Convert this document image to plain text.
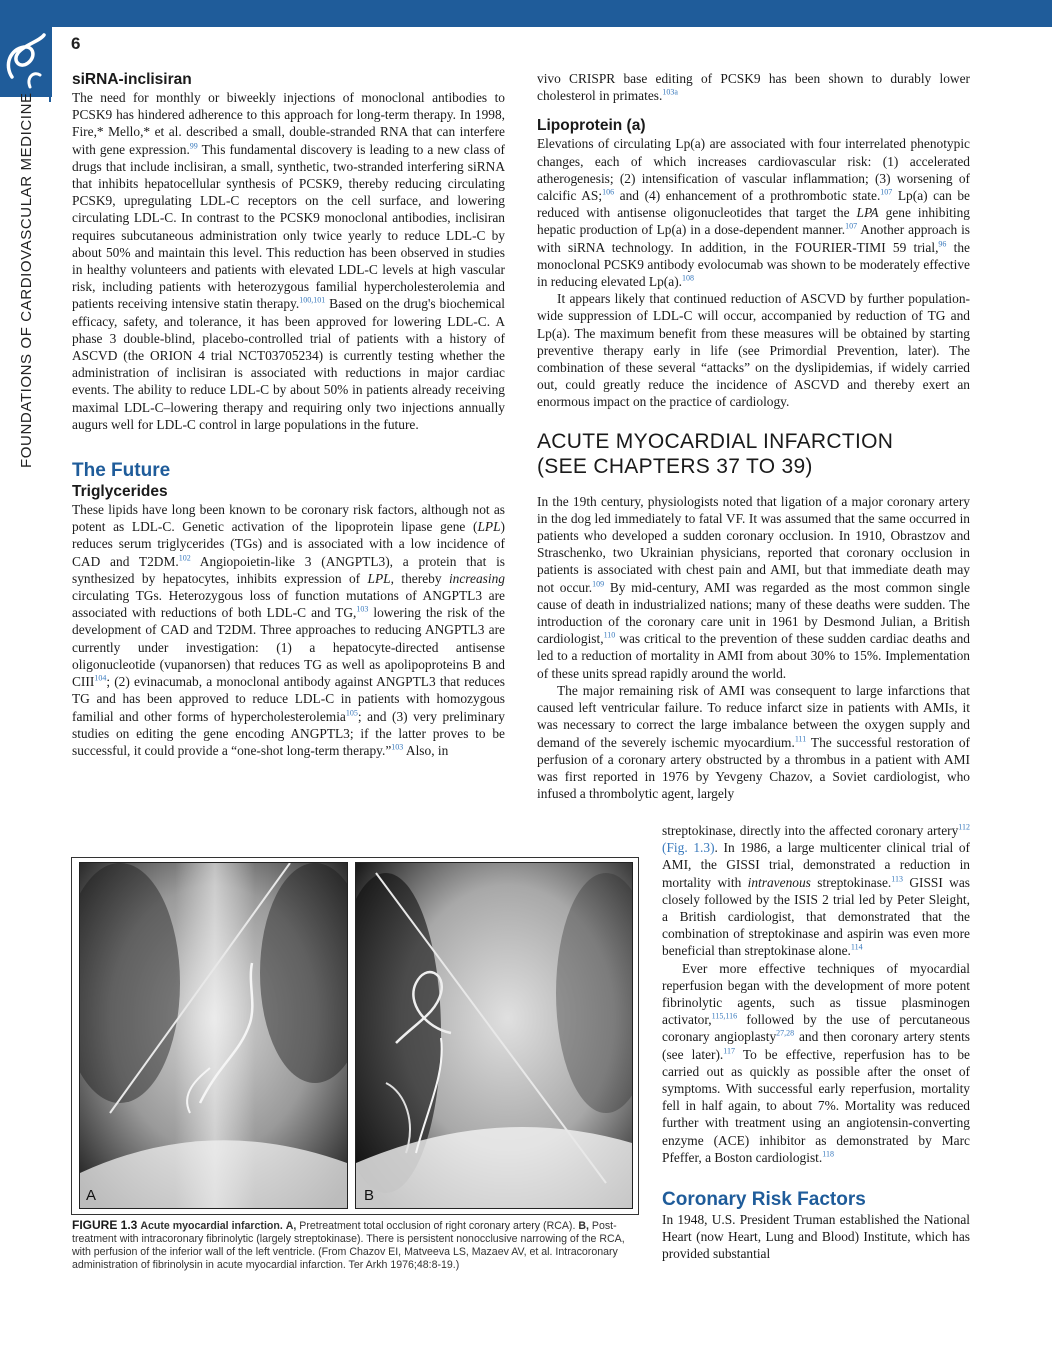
6
FOUNDATIONS OF CARDIOVASCULAR MEDICINE
siRNA-inclisiran

The need for monthly or biweekly injections of monoclonal antibodies to PCSK9 has hindered adherence to this approach for long-term therapy. In 1998, Fire,* Mello,* et al. described a small, double-stranded RNA that can interfere with gene expression.$^{99}$ This fundamental discovery is leading to a new class of drugs that include inclisiran, a small, synthetic, two-stranded interfering siRNA that inhibits hepatocellular synthesis of PCSK9, thereby reducing circulating PCSK9, upregulating LDL-C receptors on the cell surface, and lowering circulating LDL-C. In contrast to the PCSK9 monoclonal antibodies, inclisiran requires subcutaneous administration only twice yearly to reduce LDL-C by about 50% and maintain this level. This reduction has been observed in studies in healthy volunteers and patients with elevated LDL-C levels at high vascular risk, including patients with heterozygous familial hypercholesterolemia and patients receiving intensive statin therapy.$^{100,101}$ Based on the drug's biochemical efficacy, safety, and tolerance, it has been approved for lowering LDL-C. A phase 3 double-blind, placebo-controlled trial of patients with a history of ASCVD (the ORION 4 trial NCT03705234) is currently testing whether the administration of inclisiran is associated with reductions in major cardiac events. The ability to reduce LDL-C by about 50% in patients already receiving maximal LDL-C–lowering therapy and requiring only two injections annually augurs well for LDL-C control in large populations in the future.

The Future
Triglycerides

These lipids have long been known to be coronary risk factors, although not as potent as LDL-C. Genetic activation of the lipoprotein lipase gene (LPL) reduces serum triglycerides (TGs) and is associated with a low incidence of CAD and T2DM.$^{102}$ Angiopoietin-like 3 (ANGPTL3), a protein that is synthesized by hepatocytes, inhibits expression of LPL, thereby increasing circulating TGs. Heterozygous loss of function mutations of ANGPTL3 are associated with reductions of both LDL-C and TG,$^{103}$ lowering the risk of the development of CAD and T2DM. Three approaches to reducing ANGPTL3 are currently under investigation: (1) a hepatocyte-directed antisense oligonucleotide (vupanorsen) that reduces TG as well as apolipoproteins B and CIII$^{104}$; (2) evinacumab, a monoclonal antibody against ANGPTL3 that reduces TG and has been approved to reduce LDL-C in patients with homozygous familial and other forms of hypercholesterolemia$^{105}$; and (3) very preliminary studies on editing the gene encoding ANGPTL3; if the latter proves to be successful, it could provide a “one-shot long-term therapy.”$^{103}$ Also, in

vivo CRISPR base editing of PCSK9 has been shown to durably lower cholesterol in primates.$^{103a}$

Lipoprotein (a)

Elevations of circulating Lp(a) are associated with four interrelated phenotypic changes, each of which increases cardiovascular risk: (1) accelerated atherogenesis; (2) intensification of vascular inflammation; (3) worsening of calcific AS;$^{106}$ and (4) enhancement of a prothrombotic state.$^{107}$ Lp(a) can be reduced with antisense oligonucleotides that target the LPA gene inhibiting hepatic production of Lp(a) in a dose-dependent manner.$^{107}$ Another approach is with siRNA technology. In addition, in the FOURIER-TIMI 59 trial,$^{96}$ the monoclonal PCSK9 antibody evolocumab was shown to be moderately effective in reducing elevated Lp(a).$^{108}$

It appears likely that continued reduction of ASCVD by further population-wide suppression of LDL-C will occur, accompanied by reduction of TG and Lp(a). The maximum benefit from these measures will be obtained by starting preventive therapy early in life (see Primordial Prevention, later). The combination of these several “attacks” on the dyslipidemias, if widely carried out, could greatly reduce the incidence of ASCVD and thereby exert an enormous impact on the practice of cardiology.

ACUTE MYOCARDIAL INFARCTION
(SEE CHAPTERS 37 TO 39)

In the 19th century, physiologists noted that ligation of a major coronary artery in the dog led immediately to fatal VF. It was assumed that the same occurred in patients who developed a sudden coronary occlusion. In 1910, Obrastzov and Straschenko, two Ukrainian physicians, reported that coronary occlusion in patients is associated with chest pain and AMI, but that immediate death may not occur.$^{109}$ By mid-century, AMI was regarded as the most common single cause of death in industrialized nations; many of these deaths were sudden. The introduction of the coronary care unit in 1961 by Desmond Julian, a British cardiologist,$^{110}$ was critical to the prevention of these sudden cardiac deaths and led to a reduction of mortality in AMI from about 30% to 15%. Implementation of these units spread rapidly around the world.

The major remaining risk of AMI was consequent to large infarctions that caused left ventricular failure. To reduce infarct size in patients with AMIs, it was necessary to correct the large imbalance between the oxygen supply and demand of the severely ischemic myocardium.$^{111}$ The successful restoration of perfusion of a coronary artery obstructed by a thrombus in a patient with AMI was first reported in 1976 by Yevgeny Chazov, a Soviet cardiologist, who infused a thrombolytic agent, largely

streptokinase, directly into the affected coronary artery$^{112}$ (Fig. 1.3). In 1986, a large multicenter clinical trial of AMI, the GISSI trial, demonstrated a reduction in mortality with intravenous streptokinase.$^{113}$ GISSI was closely followed by the ISIS 2 trial led by Peter Sleight, a British cardiologist, that demonstrated that the combination of streptokinase and aspirin was even more beneficial than streptokinase alone.$^{114}$

Ever more effective techniques of myocardial reperfusion began with the development of more potent fibrinolytic agents, such as tissue plasminogen activator,$^{115,116}$ followed by the use of percutaneous coronary angioplasty$^{27,28}$ and then coronary artery stents (see later).$^{117}$ To be effective, reperfusion has to be carried out as quickly as possible after the onset of symptoms. With successful early reperfusion, mortality fell in half again, to about 7%. Mortality was reduced further with treatment using an angiotensin-converting enzyme (ACE) inhibitor as demonstrated by Marc Pfeffer, a Boston cardiologist.$^{118}$

Coronary Risk Factors

In 1948, U.S. President Truman established the National Heart (now Heart, Lung and Blood) Institute, which has provided substantial

A	B
FIGURE 1.3 Acute myocardial infarction. A, Pretreatment total occlusion of right coronary artery (RCA). B, Post-treatment with intracoronary fibrinolytic (largely streptokinase). There is persistent nonocclusive narrowing of the RCA, with perfusion of the inferior wall of the left ventricle. (From Chazov EI, Matveeva LS, Mazaev AV, et al. Intracoronary administration of fibrinolysin in acute myocardial infarction. Ter Arkh 1976;48:8-19.)
